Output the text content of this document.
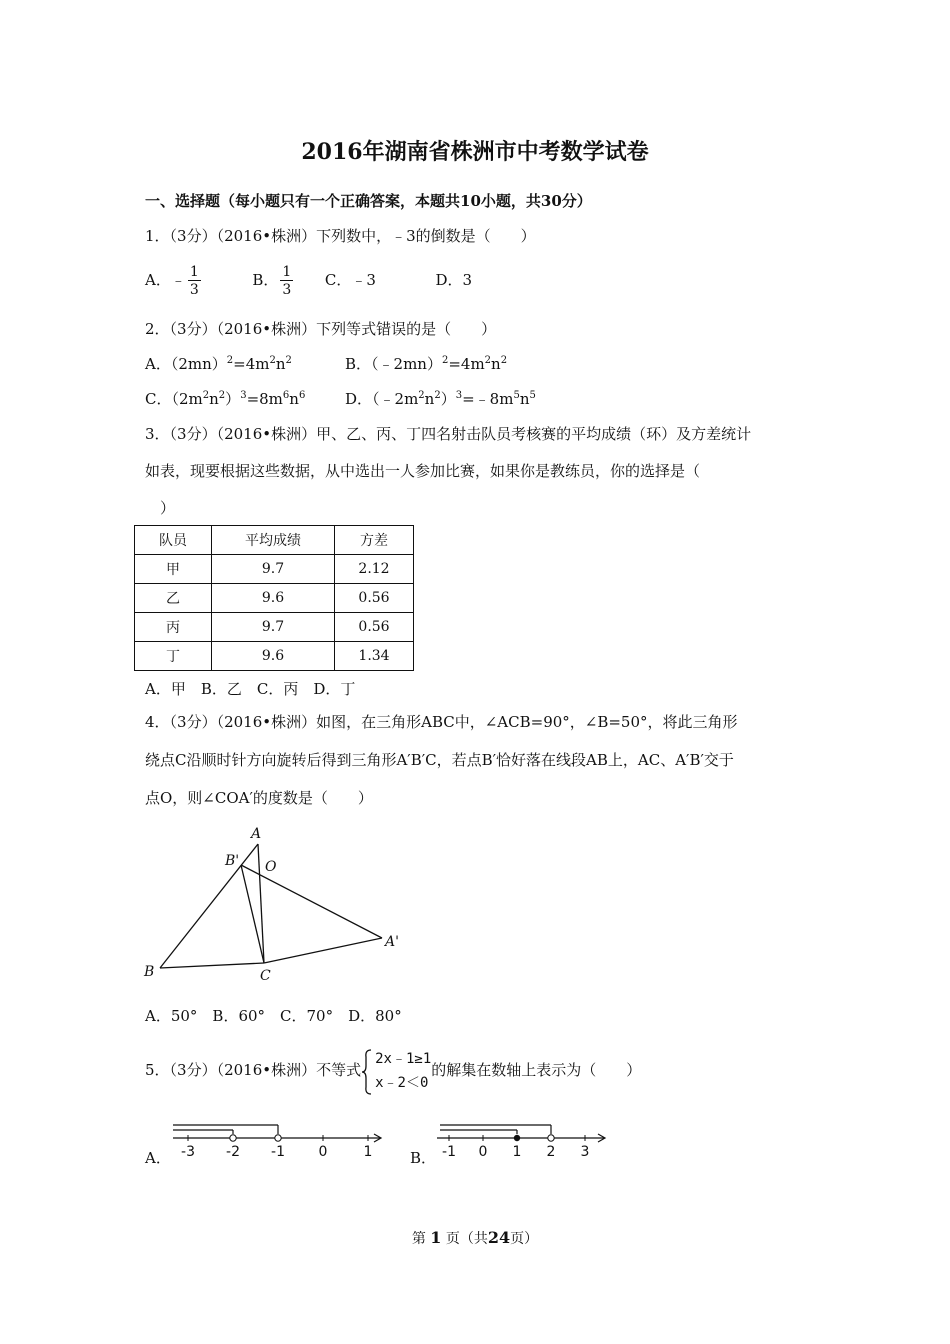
2016年湖南省株洲市中考数学试卷
一、选择题（每小题只有一个正确答案，本题共10小题，共30分）
1．（3分）（2016•株洲）下列数中，﹣3的倒数是（　　）
A．﹣ $\frac{1}{3}$	B． $\frac{1}{3}$ C．﹣3	D．3
2．（3分）（2016•株洲）下列等式错误的是（　　）
A．$(2mn)^2=4m^2n^2$	B．$(﹣2mn)^2=4m^2n^2$
C．$(2m^2n^2)^3=8m^6n^6$	D．$(﹣2m^2n^2)^3=﹣8m^5n^5$
3．（3分）（2016•株洲）甲、乙、丙、丁四名射击队员考核赛的平均成绩（环）及方差统计
如表，现要根据这些数据，从中选出一人参加比赛，如果你是教练员，你的选择是（
）
队员	平均成绩	方差
甲	9.7	2.12
乙	9.6	0.56
丙	9.7	0.56
丁	9.6	1.34
A．甲　B．乙　C．丙　D．丁
4．（3分）（2016•株洲）如图，在三角形ABC中，∠ACB=90°，∠B=50°，将此三角形
绕点C沿顺时针方向旋转后得到三角形A′B′C，若点B′恰好落在线段AB上，AC、A′B′交于
点O，则∠COA′的度数是（　　）
A
B' O
A'
B	C
A．50°　B．60°　C．70°　D．80°
5．（3分）（2016•株洲）不等式
2x﹣1≥1
x﹣2＜0
的解集在数轴上表示为（　　）
A． -3 -2 -1 0	1	B． -1 0 1 2 3
第 1 页（共24页）
